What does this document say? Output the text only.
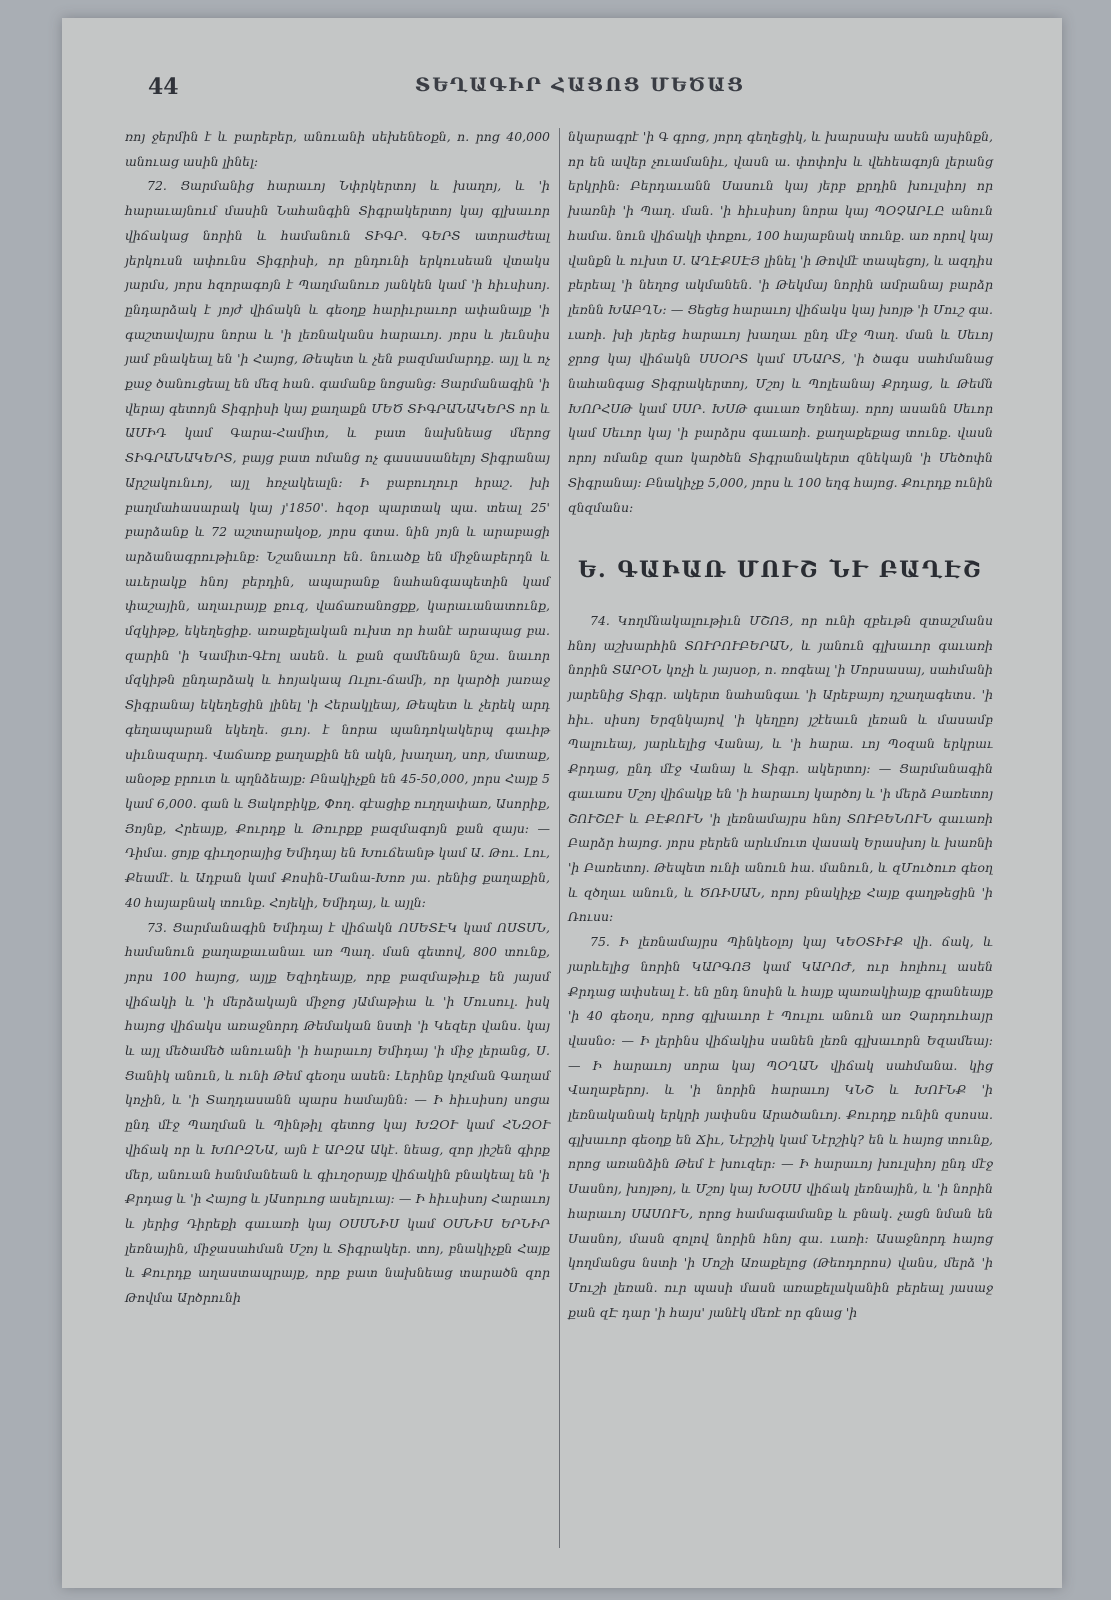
44	ՏԵՂԱԳԻՐ ՀԱՑՈՑ ՄԵԾԱՑ

ռոյ ջերմին է և բարեբեր, անուանի սեխենեօքն, ո. րոց 40,000 անուաց ասին լինել։

72. Ցարմանից հարաւոյ Նփրկերտոյ և խաղոյ, և 'ի հարաւայնում մասին Նահանգին Տիգրակերտոյ կայ գլխաւոր վիճակաց նորին և համանուն ՏԻԳՐ. ԳԵՐՏ ատրաժեալ յերկուսն ափունս Տիգրիսի, որ ընդունի երկուսեան վտակս յարմս, յորս հզորագոյն է Պաղմանուռ յանկեն կամ 'ի հիւսիսոյ. ընդարձակ է յոյժ վիճակն և գեօղք հարիւրաւոր ափանալք 'ի գաշտավայրս նորա և 'ի լեռնականս հարաւոյ. յորս և յեւնսիս յամ բնակեալ են 'ի Հայոց, Թեպետ և չեն բազմամարդք. այլ և ոչ քաջ ծանուցեալ են մեզ հան. գամանք նոցանց։ Ցարմանագին 'ի վերայ գետոյն Տիգրիսի կայ քաղաքն ՄԵԾ ՏԻԳՐԱՆԱԿԵՐՏ որ և ԱՄԻԴ կամ Գարա-Համիտ, և բատ նախնեաց մերոց ՏԻԳՐԱՆԱԿԵՐՏ, բայց բատ ոմանց ոչ գասասանելոյ Տիգրանայ Արշակունւոյ, այլ հռչակեալն։ Ի բաբուղուր հրաշ. խի բաղմահասարակ կայ յ'1850'. հզօր պարտակ պա. տեալ 25' բարձանք և 72 աշտարակօք, յորս գտա. նին յոյն և արաբացի արձանագրութիւնք։ Նշանաւոր են. նուածք են միջնաբերդն և աւերակք հնոյ բերդին, ապարանք նահանգապետին կամ փաշային, աղաւրայք քուզ, վաճառանոցքք, կարաւանատունք, մզկիթք, եկեղեցիք. առաքելական ուխտ որ հանէ արապաց բա. զարին 'ի Կամիտ-Գէոլ ասեն. և քան զամենայն նշա. նաւոր մզկիթն ընդարձակ և հոյակապ Ուլու-ճամի, որ կարծի յառաջ Տիգրանայ եկեղեցին լինել 'ի Հերակլեայ, Թեպետ և չերեկ արդ գեղապարան եկեղե. ցւոյ. է նորա պանդոկակերպ գաւիթ սիւնազարդ. Վաճառք քաղաքին են ակն, խաղաղ, սոր, մատաք, անօթք բրուտ և պղնձեայք։ Բնակիչքն են 45-50,000, յորս Հայք 5 կամ 6,000. գան և Ցակոբիկք, Փող. գէացիք ուղղափառ, Ասորիք, Յոյնք, Հրեայք, Քուրդք և Թուրքք բազմագոյն քան զայս։ — Դիմա. ցոյք գիւղօրայից Եմիդայ են Խուճեանթ կամ Ա. Թու. Լու, Քեամէ. և Ադբան կամ Քոսին-Մանա-Խոռ յա. րենից քաղաքին, 40 հայաբնակ տունք. Հոյեկի, Եմիդայ, և այլն։

73. Ցարմանագին Եմիդայ է վիճակն ՈՍԵՏԷԿ կամ ՈՍՏՍՆ, համանուն քաղաքաւանաւ առ Պաղ. ման գետով, 800 տունք, յորս 100 հայոց, այլք Եզիդեայք, որք բազմաթիւք են յայսմ վիճակի և 'ի մերձակայն միջոց յԱմաթիա և 'ի Մուսուլ. իսկ հայոց վիճակս առաջնորդ Թեմական նստի 'ի Կեզեր վանս. կայ և այլ մեծամեծ անուանի 'ի հարաւոյ Եմիդայ 'ի միջ լերանց, Ս. Ցանիկ անուն, և ունի Թեմ գեօղս ասեն։ Լերինք կոչման Գաղամ կոչին, և 'ի Տաղդասանն պարս համայնն։ — Ի հիւսիսոյ սոցա ընդ մէջ Պաղման և Պինթիլ գետոց կայ ԽԶՕՒ կամ ՀՆԶՕՒ վիճակ որ և ԽՈՐԶՆԱ, այն է ԱՐԶԱ Ակէ. նեաց, զոր յիշեն գիրք մեր, անուան հանմանեան և գիւղօրայք վիճակին բնակեալ են 'ի Քրդաց և 'ի Հայոց և յԱսորւոց ասելուայ։ — Ի հիւսիսոյ Հարաւոյ և յերից Դիրեքի գաւառի կայ ՕՍՍՆԻՍ կամ ՕՍՆԻՍ ԵՐՆԻՐ լեռնային, միջասահման Մշոյ և Տիգրակեր. տոյ, բնակիչքն Հայք և Քուրդք աղաստապրայք, որք բատ նախնեաց տարածն զոր Թովմա Արծրունի

նկարագրէ 'ի Գ գրոց, յորդ գեղեցիկ, և խարսախ ասեն այսինքն, որ են ավեր չուամանիւ, վասն ա. փոփոխ և վեհեագոյն լերանց երկրին։ Բերդաւանն Սասուն կայ յերբ քրդին խուլսիոյ որ խառնի 'ի Պաղ. ման. 'ի հիւսիսոյ նորա կայ ՊՕՉԱՐԼԸ անուն համա. նուն վիճակի փոքու, 100 հայաբնակ տունք. առ որով կայ վանքն և ուխտ Ս. ԱՂԷՔՍԷՅ լինել 'ի Թովմէ տապեցոյ, և ազդիս բերեալ 'ի նեղոց ակմանեն. 'ի Թեկմայ նորին ամրանայ բարձր լեռնն ԽԱԲՂՆ։ — Ցեցեց հարաւոյ վիճակս կայ խոյթ 'ի Մուշ գա. ւառի. խի յերեց հարաւոյ խաղաւ ընդ մէջ Պաղ. ման և Սեւոյ ջրոց կայ վիճակն ՍՍՕՐՏ կամ ՍՆԱՐՏ, 'ի ծագս սահմանաց նահանգաց Տիգրակերտոյ, Մշոյ և Պոլեանայ Քրդաց, և Թեմն ԽՈՐՀՍԹ կամ ՍՍՐ. ԽՍԹ գաւառ Եղնեայ. որոյ ասանն Սեւոր կամ Սեւոր կայ 'ի բարձրս գաւառի. քաղաքեքաց տունք. վասն որոյ ոմանք զառ կարծեն Տիգրանակերտ զնեկայն 'ի Մեծոփն Տիգրանայ։ Բնակիչք 5,000, յորս և 100 եղգ հայոց. Քուրդք ունին զնզմանս։

Ե. ԳԱԻԱՌ ՄՈՒՇ ՆՒ ԲԱՂԷՇ

74. Կողմնակալութիւն ՄՇՈՅ, որ ունի զբեւթն զտաշմանս հնոյ աշխարհին ՏՈՒՐՈՒԲԵՐԱՆ, և յանուն գլխաւոր գաւառի նորին ՏԱՐՕՆ կոչի և յայսօր, ո. ռոգեալ 'ի Մորսասայ, սահմանի յարենից Տիգր. ակերտ նահանգաւ 'ի Արեբայոյ դշաղագետս. 'ի հիւ. սիսոյ Երզնկայով 'ի կեղըոյ յշէեաւն լեռան և մասամբ Պալուեայ, յարևելից Վանայ, և 'ի հարա. ւոյ Պօզան երկրաւ Քրդաց, ընդ մէջ Վանայ և Տիգր. ակերտոյ։ — Ցարմանագին գաւառս Մշոյ վիճակք են 'ի հարաւոյ կարծոյ և 'ի մերձ Բառետոյ ՇՈՒՇԸՒ և ԲԷՔՈՒՆ 'ի լեռնամայրս հնոյ ՏՈՒԲԵՆՈՒՆ գաւառի Բարձր հայոց. յորս բերեն արևմուտ վասակ Երասխոյ և խառնի 'ի Բառետոյ. Թեպետ ունի անուն հա. մանուն, և զՄուծուռ գեօղ և զծղաւ անուն, և ԾՌԻՍԱՆ, որոյ բնակիչք Հայք գաղթեցին 'ի Ռուսս։

75. Ի լեռնամայրս Պինկեօլոյ կայ ԿԵՕՏԻՒՔ վի. ճակ, և յարևելից նորին ԿԱՐԳՈՅ կամ ԿԱՐՈԺ, ուր հոլհուլ ասեն Քրդաց ափսեալ է. են ընդ նոսին և հայք պառակիայք գրանեայք 'ի 40 գեօղս, որոց գլխաւոր է Պուլու անուն առ Չարդուհայր վասնօ։ — Ի լերինս վիճակիս սանեն լեռն գլխաւորն Եզամեայ։ — Ի հարաւոյ սորա կայ ՊՕՂԱՆ վիճակ սահմանա. կից Վաղաբերոյ. և 'ի նորին հարաւոյ ԿՆՇ և ԽՈՒՆՔ 'ի լեռնականակ երկրի յափսնս Արածանւոյ. Քուրդք ունին զսոսա. գլխաւոր գեօղք են Ճիւ, Նէրշիկ կամ Նէրշիկ? են և հայոց տունք, որոց առանձին Թեմ է խուզեր։ — Ի հարաւոյ խուլսիոյ ընդ մէջ Սասնոյ, խոյթոյ, և Մշոյ կայ ԽՕՍՍ վիճակ լեռնային, և 'ի նորին հարաւոյ ՍԱՍՈՒՆ, որոց համագամանք և բնակ. չացն նման են Սասնոյ, մասն զոլով նորին հնոյ գա. ւառի։ Ասաջնորդ հայոց կողմանցս նստի 'ի Մոշի Առաքելոց (Թեոդորոս) վանս, մերձ 'ի Մուշի լեռան. ուր պասի մասն առաքելականին բերեալ յասաջ քան զԷ դար 'ի հայս' յանէկ մեռէ որ գնաց 'ի
